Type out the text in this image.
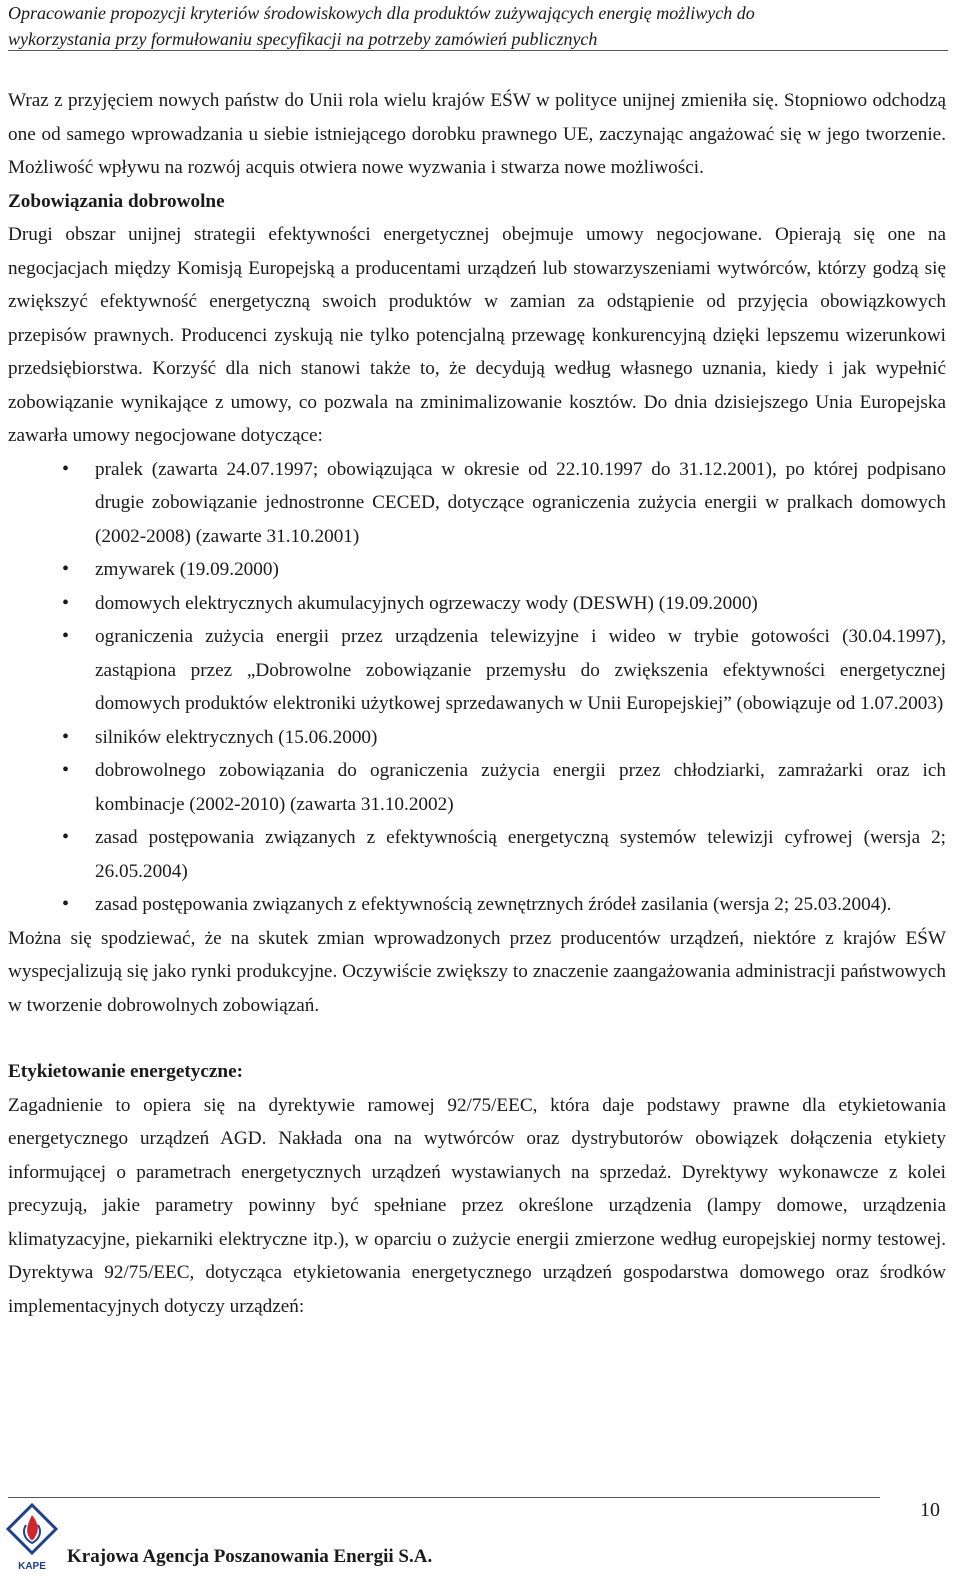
Opracowanie propozycji kryteriów środowiskowych dla produktów zużywających energię możliwych do
wykorzystania przy formułowaniu specyfikacji na potrzeby zamówień publicznych

Wraz z przyjęciem nowych państw do Unii rola wielu krajów EŚW w polityce unijnej zmieniła się. Stopniowo odchodzą one od samego wprowadzania u siebie istniejącego dorobku prawnego UE, zaczynając angażować się w jego tworzenie. Możliwość wpływu na rozwój acquis otwiera nowe wyzwania i stwarza nowe możliwości.

Zobowiązania dobrowolne

Drugi obszar unijnej strategii efektywności energetycznej obejmuje umowy negocjowane. Opierają się one na negocjacjach między Komisją Europejską a producentami urządzeń lub stowarzyszeniami wytwórców, którzy godzą się zwiększyć efektywność energetyczną swoich produktów w zamian za odstąpienie od przyjęcia obowiązkowych przepisów prawnych. Producenci zyskują nie tylko potencjalną przewagę konkurencyjną dzięki lepszemu wizerunkowi przedsiębiorstwa. Korzyść dla nich stanowi także to, że decydują według własnego uznania, kiedy i jak wypełnić zobowiązanie wynikające z umowy, co pozwala na zminimalizowanie kosztów. Do dnia dzisiejszego Unia Europejska zawarła umowy negocjowane dotyczące:

• pralek (zawarta 24.07.1997; obowiązująca w okresie od 22.10.1997 do 31.12.2001), po której podpisano drugie zobowiązanie jednostronne CECED, dotyczące ograniczenia zużycia energii w pralkach domowych (2002-2008) (zawarte 31.10.2001)
• zmywarek (19.09.2000)
• domowych elektrycznych akumulacyjnych ogrzewaczy wody (DESWH) (19.09.2000)
• ograniczenia zużycia energii przez urządzenia telewizyjne i wideo w trybie gotowości (30.04.1997), zastąpiona przez „Dobrowolne zobowiązanie przemysłu do zwiększenia efektywności energetycznej domowych produktów elektroniki użytkowej sprzedawanych w Unii Europejskiej” (obowiązuje od 1.07.2003)
• silników elektrycznych (15.06.2000)
• dobrowolnego zobowiązania do ograniczenia zużycia energii przez chłodziarki, zamrażarki oraz ich kombinacje (2002-2010) (zawarta 31.10.2002)
• zasad postępowania związanych z efektywnością energetyczną systemów telewizji cyfrowej (wersja 2; 26.05.2004)
• zasad postępowania związanych z efektywnością zewnętrznych źródeł zasilania (wersja 2; 25.03.2004).

Można się spodziewać, że na skutek zmian wprowadzonych przez producentów urządzeń, niektóre z krajów EŚW wyspecjalizują się jako rynki produkcyjne. Oczywiście zwiększy to znaczenie zaangażowania administracji państwowych w tworzenie dobrowolnych zobowiązań.

Etykietowanie energetyczne:

Zagadnienie to opiera się na dyrektywie ramowej 92/75/EEC, która daje podstawy prawne dla etykietowania energetycznego urządzeń AGD. Nakłada ona na wytwórców oraz dystrybutorów obowiązek dołączenia etykiety informującej o parametrach energetycznych urządzeń wystawianych na sprzedaż. Dyrektywy wykonawcze z kolei precyzują, jakie parametry powinny być spełniane przez określone urządzenia (lampy domowe, urządzenia klimatyzacyjne, piekarniki elektryczne itp.), w oparciu o zużycie energii zmierzone według europejskiej normy testowej. Dyrektywa 92/75/EEC, dotycząca etykietowania energetycznego urządzeń gospodarstwa domowego oraz środków implementacyjnych dotyczy urządzeń:

10
KAPE Krajowa Agencja Poszanowania Energii S.A.
